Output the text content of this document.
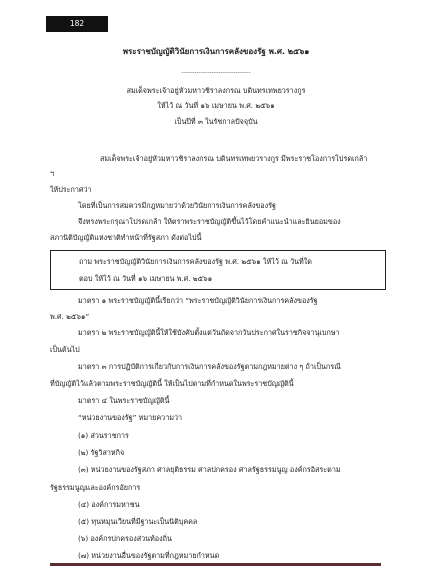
182
พระราชบัญญัติวินัยการเงินการคลังของรัฐ พ.ศ. ๒๕๖๑
--------------------------------
สมเด็จพระเจ้าอยู่หัวมหาวชิราลงกรณ บดินทรเทพยวรางกูร
ให้ไว้ ณ วันที่ ๑๖ เมษายน พ.ศ. ๒๕๖๑
เป็นปีที่ ๓ ในรัชกาลปัจจุบัน
สมเด็จพระเจ้าอยู่หัวมหาวชิราลงกรณ บดินทรเทพยวรางกูร มีพระราชโองการโปรดเกล้า
ฯ
ให้ประกาศว่า
โดยที่เป็นการสมควรมีกฎหมายว่าด้วยวินัยการเงินการคลังของรัฐ
จึงทรงพระกรุณาโปรดเกล้า ให้ตราพระราชบัญญัติขึ้นไว้โดยคำแนะนำและยินยอมของ
สภานิติบัญญัติแห่งชาติทำหน้าที่รัฐสภา ดังต่อไปนี้
ถาม พระราชบัญญัติวินัยการเงินการคลังของรัฐ พ.ศ. ๒๕๖๑ ให้ไว้ ณ วันที่ใด
ตอบ ให้ไว้ ณ วันที่ ๑๖ เมษายน พ.ศ. ๒๕๖๑
มาตรา ๑ พระราชบัญญัตินี้เรียกว่า “พระราชบัญญัติวินัยการเงินการคลังของรัฐ
พ.ศ. ๒๕๖๑”
มาตรา ๒ พระราชบัญญัตินี้ให้ใช้บังคับตั้งแต่วันถัดจากวันประกาศในราชกิจจานุเบกษา
เป็นต้นไป
มาตรา ๓ การปฏิบัติการเกี่ยวกับการเงินการคลังของรัฐตามกฎหมายต่าง ๆ ถ้าเป็นกรณี
ที่บัญญัติไว้แล้วตามพระราชบัญญัตินี้ ให้เป็นไปตามที่กำหนดในพระราชบัญญัตินี้
มาตรา ๔ ในพระราชบัญญัตินี้
“หน่วยงานของรัฐ” หมายความว่า
(๑) ส่วนราชการ
(๒) รัฐวิสาหกิจ
(๓) หน่วยงานของรัฐสภา ศาลยุติธรรม ศาลปกครอง ศาลรัฐธรรมนูญ องค์กรอิสระตาม
รัฐธรรมนูญและองค์กรอัยการ
(๔) องค์การมหาชน
(๕) ทุนหมุนเวียนที่มีฐานะเป็นนิติบุคคล
(๖) องค์กรปกครองส่วนท้องถิ่น
(๗) หน่วยงานอื่นของรัฐตามที่กฎหมายกำหนด
